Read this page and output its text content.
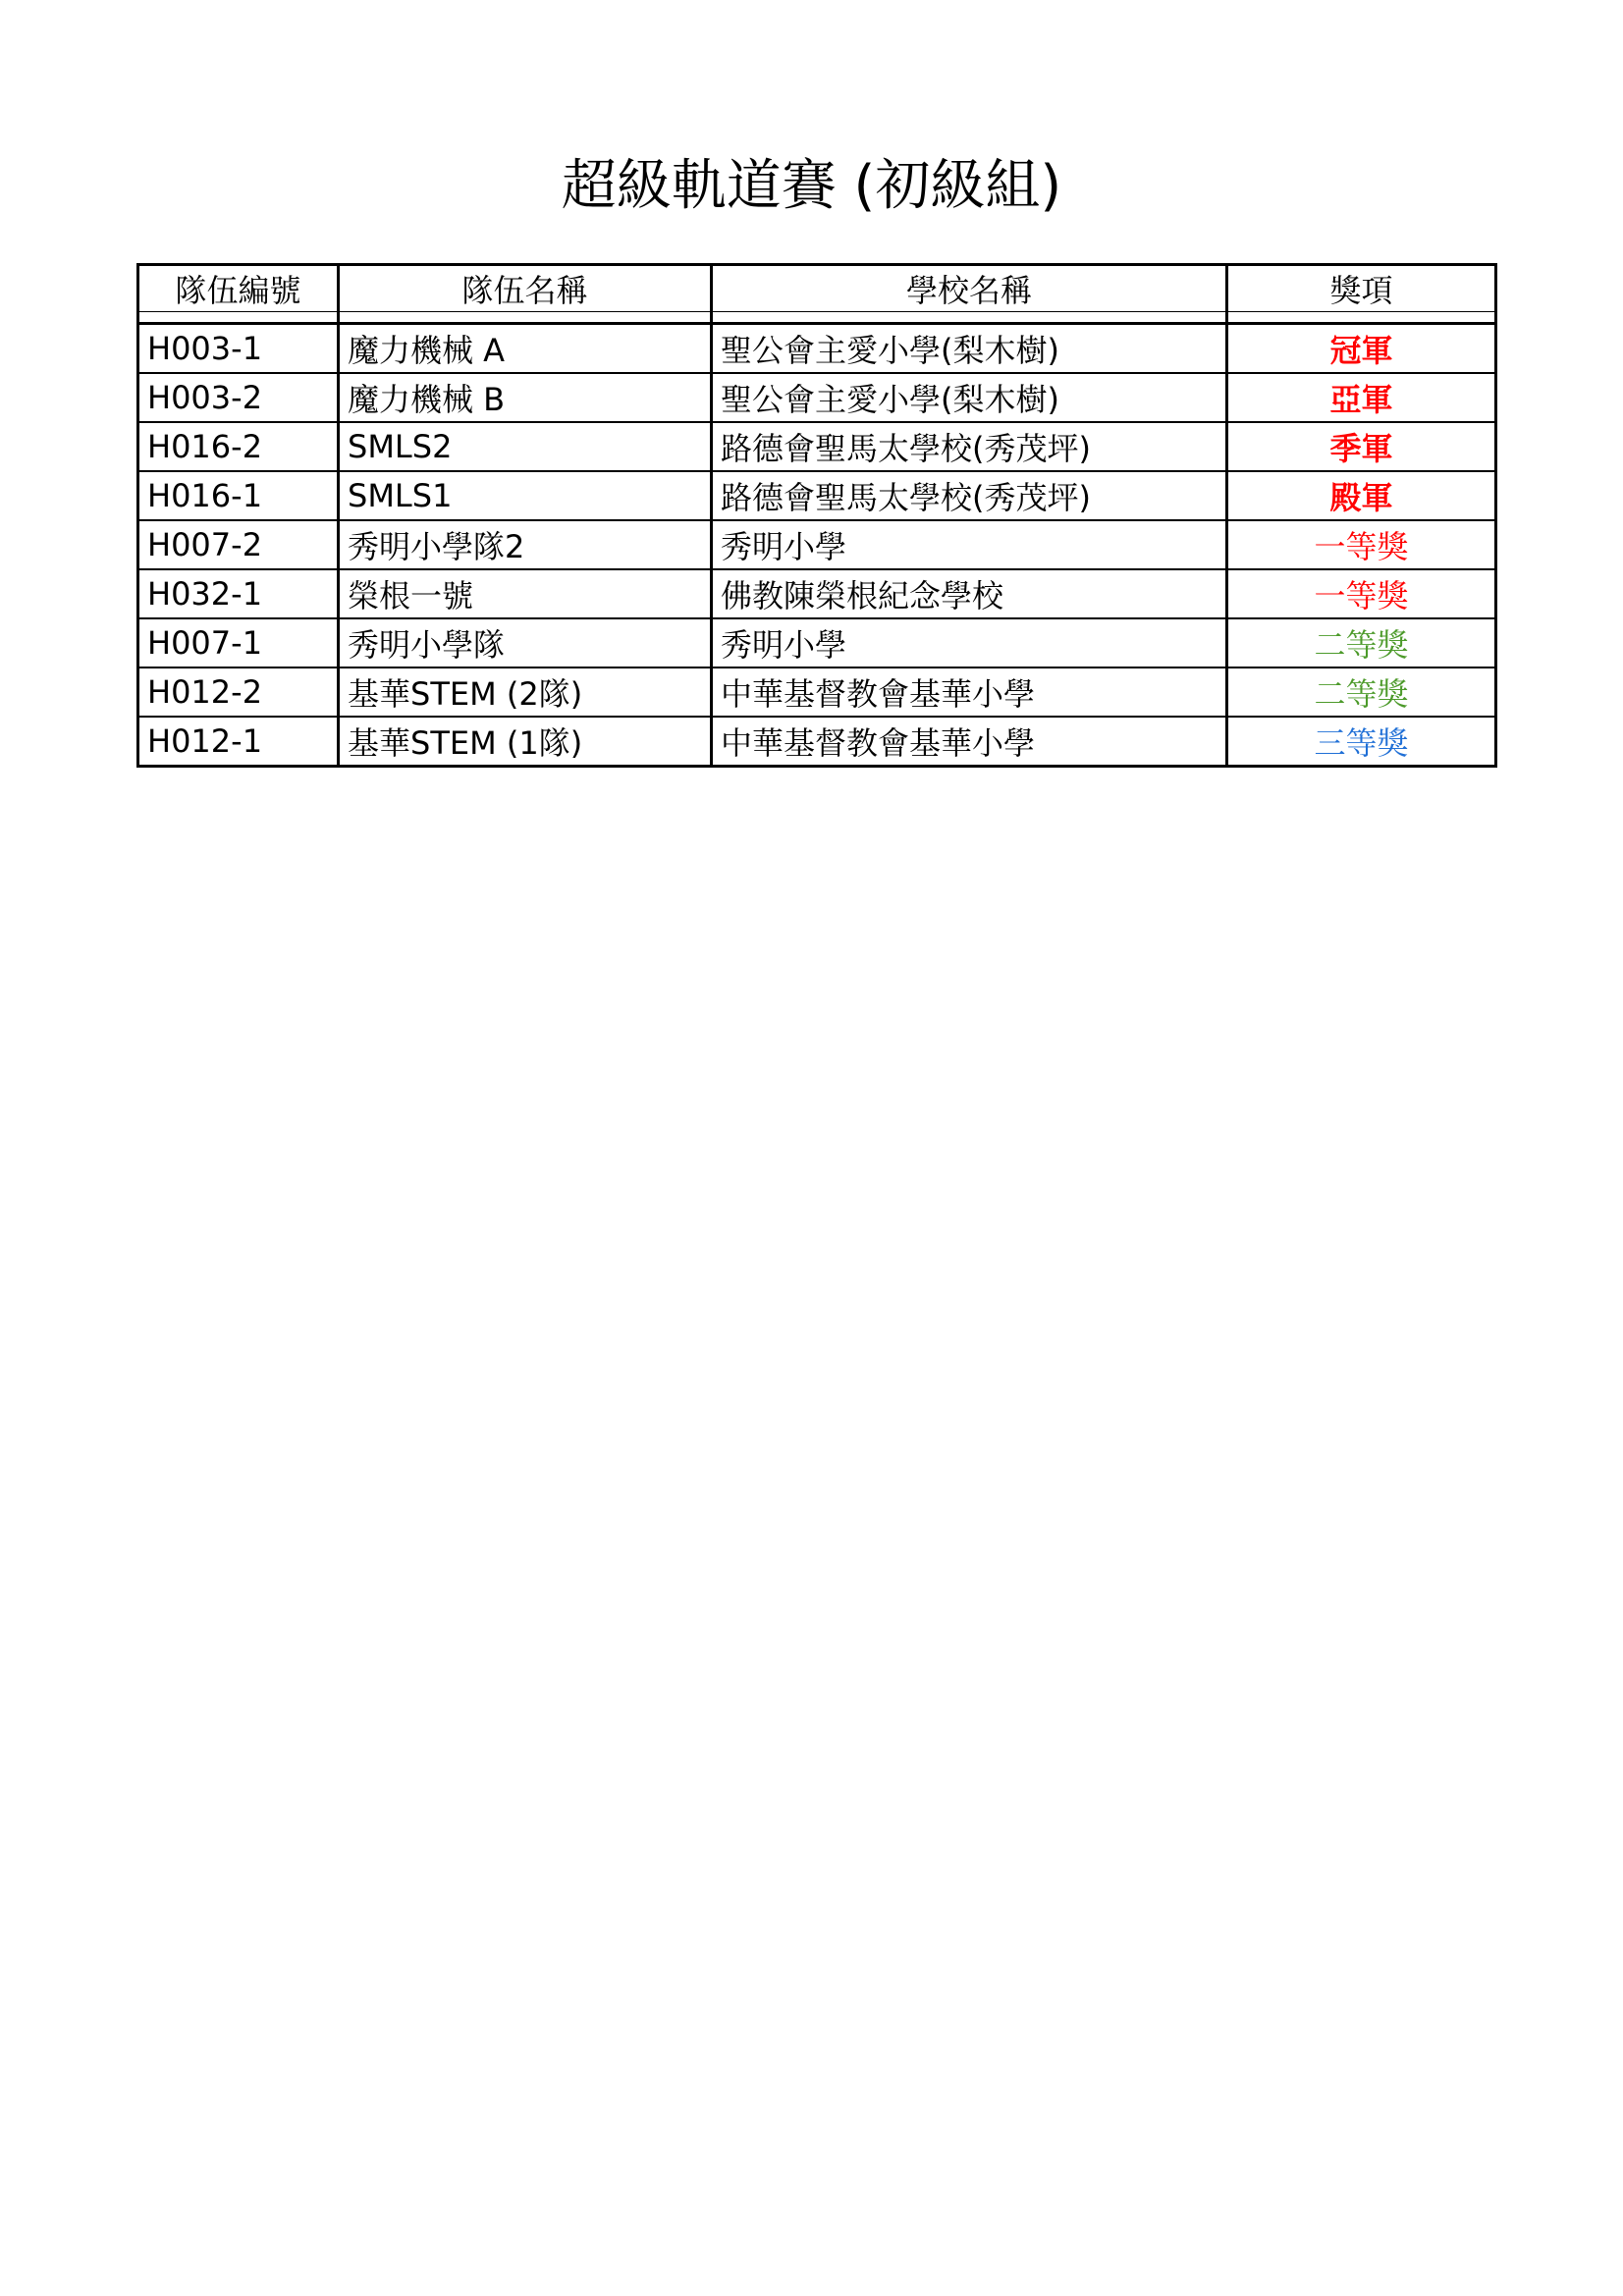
超級軌道賽 (初級組)
隊伍編號	隊伍名稱	學校名稱	獎項

H003-1	魔力機械 A	聖公會主愛小學(梨木樹)	冠軍
H003-2	魔力機械 B	聖公會主愛小學(梨木樹)	亞軍
H016-2	SMLS2	路德會聖馬太學校(秀茂坪)	季軍
H016-1	SMLS1	路德會聖馬太學校(秀茂坪)	殿軍
H007-2	秀明小學隊2	秀明小學	一等獎
H032-1	榮根一號	佛教陳榮根紀念學校	一等獎
H007-1	秀明小學隊	秀明小學	二等獎
H012-2	基華STEM (2隊)	中華基督教會基華小學	二等獎
H012-1	基華STEM (1隊)	中華基督教會基華小學	三等獎
